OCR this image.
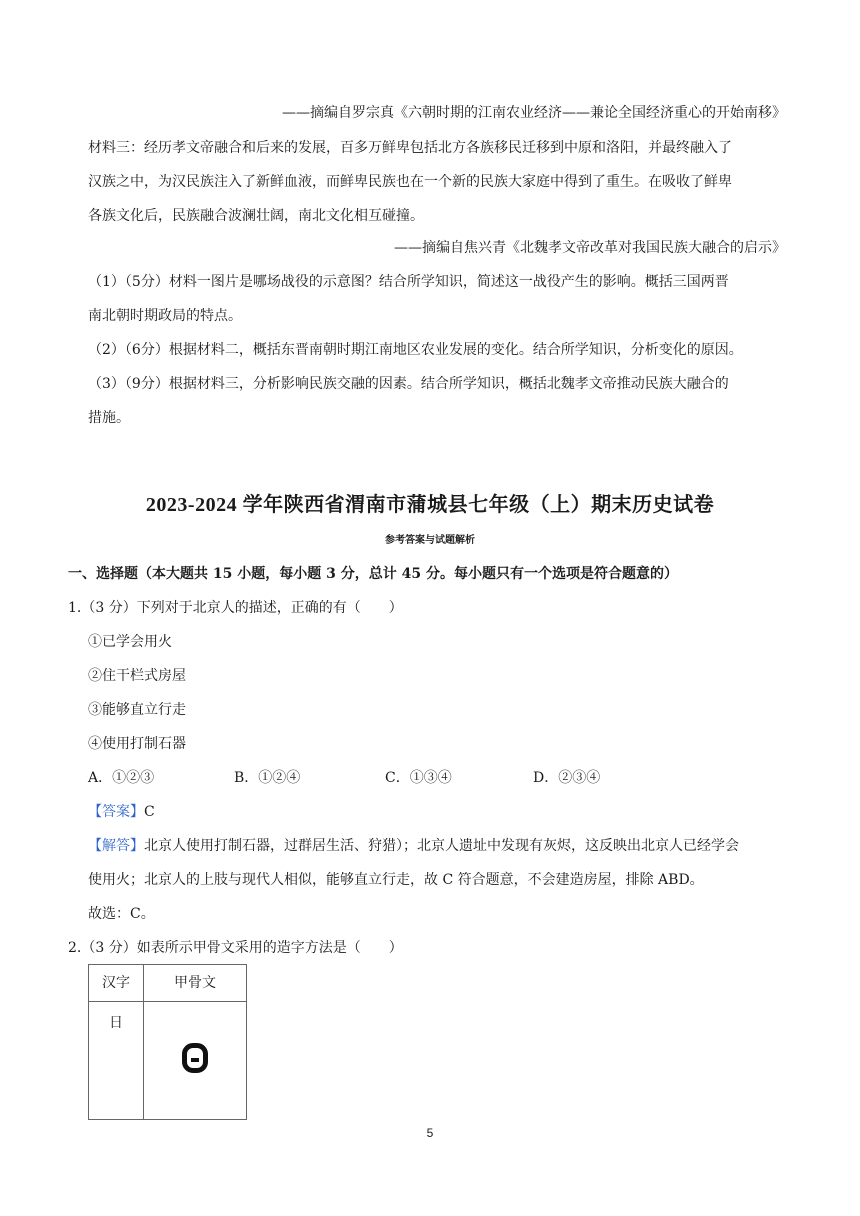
——摘编自罗宗真《六朝时期的江南农业经济——兼论全国经济重心的开始南移》
材料三：经历孝文帝融合和后来的发展，百多万鲜卑包括北方各族移民迁移到中原和洛阳，并最终融入了
汉族之中，为汉民族注入了新鲜血液，而鲜卑民族也在一个新的民族大家庭中得到了重生。在吸收了鲜卑
各族文化后，民族融合波澜壮阔，南北文化相互碰撞。
——摘编自焦兴青《北魏孝文帝改革对我国民族大融合的启示》
（1）（5分）材料一图片是哪场战役的示意图？结合所学知识，简述这一战役产生的影响。概括三国两晋
南北朝时期政局的特点。
（2）（6分）根据材料二，概括东晋南朝时期江南地区农业发展的变化。结合所学知识，分析变化的原因。
（3）（9分）根据材料三，分析影响民族交融的因素。结合所学知识，概括北魏孝文帝推动民族大融合的
措施。
2023-2024 学年陕西省渭南市蒲城县七年级（上）期末历史试卷
参考答案与试题解析
一、选择题（本大题共 15 小题，每小题 3 分，总计 45 分。每小题只有一个选项是符合题意的）
1.（3 分）下列对于北京人的描述，正确的有（　　）
①已学会用火
②住干栏式房屋
③能够直立行走
④使用打制石器
A．①②③	B．①②④	C．①③④	D．②③④
【答案】C
【解答】北京人使用打制石器，过群居生活、狩猎）；北京人遗址中发现有灰烬，这反映出北京人已经学会
使用火；北京人的上肢与现代人相似，能够直立行走，故 C 符合题意，不会建造房屋，排除 ABD。
故选：C。
2.（3 分）如表所示甲骨文采用的造字方法是（　　）
汉字	甲骨文
日	
5
